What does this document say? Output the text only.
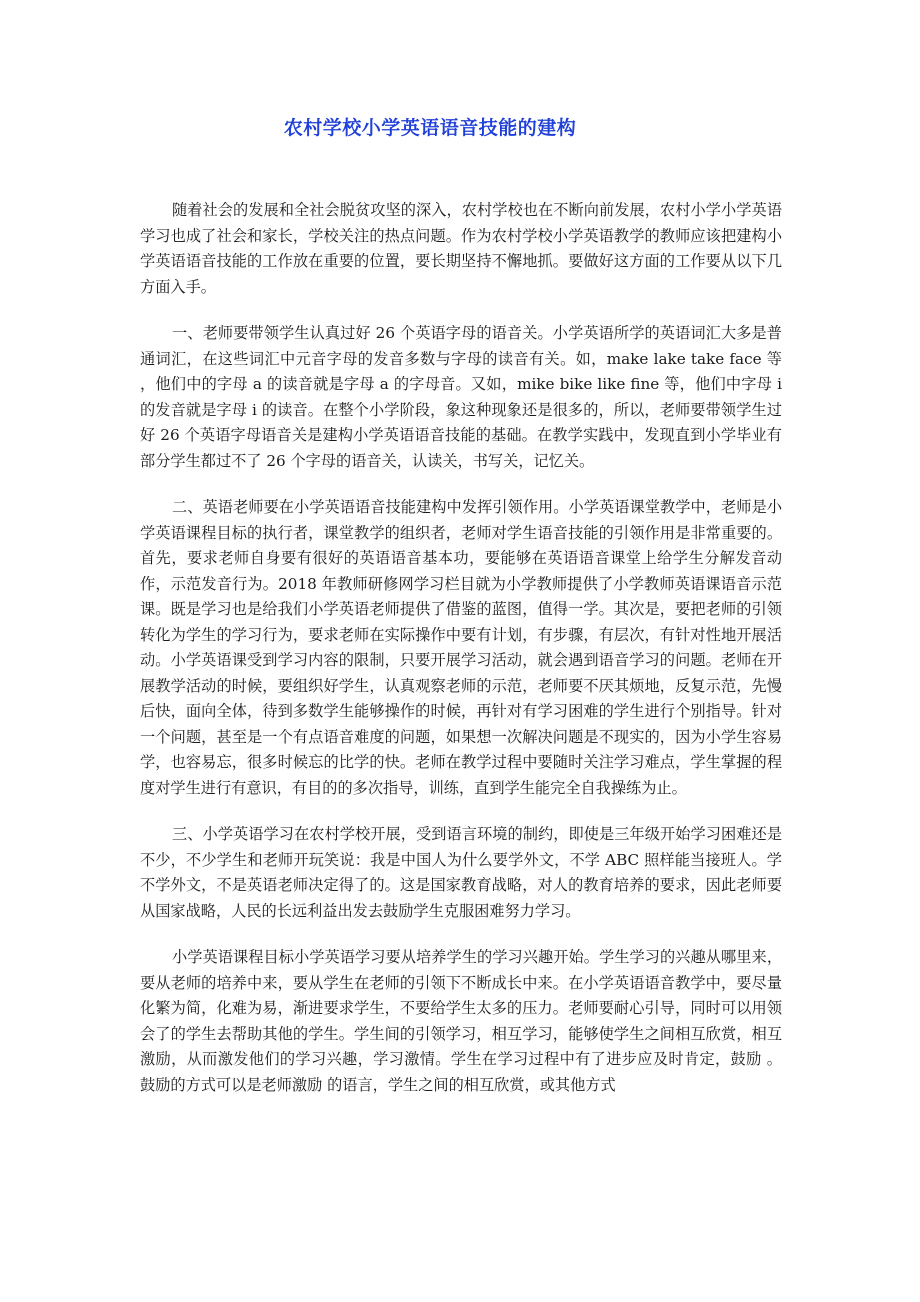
农村学校小学英语语音技能的建构

随着社会的发展和全社会脱贫攻坚的深入，农村学校也在不断向前发展，农村小学小学英语学习也成了社会和家长，学校关注的热点问题。作为农村学校小学英语教学的教师应该把建构小学英语语音技能的工作放在重要的位置，要长期坚持不懈地抓。要做好这方面的工作要从以下几方面入手。

一、老师要带领学生认真过好 26 个英语字母的语音关。小学英语所学的英语词汇大多是普通词汇，在这些词汇中元音字母的发音多数与字母的读音有关。如，make lake take face 等 ，他们中的字母 a 的读音就是字母 a 的字母音。又如，mike bike like fine 等，他们中字母 i 的发音就是字母 i 的读音。在整个小学阶段，象这种现象还是很多的，所以，老师要带领学生过好 26 个英语字母语音关是建构小学英语语音技能的基础。在教学实践中，发现直到小学毕业有部分学生都过不了 26 个字母的语音关，认读关，书写关，记忆关。

二、英语老师要在小学英语语音技能建构中发挥引领作用。小学英语课堂教学中，老师是小学英语课程目标的执行者，课堂教学的组织者，老师对学生语音技能的引领作用是非常重要的。首先，要求老师自身要有很好的英语语音基本功，要能够在英语语音课堂上给学生分解发音动作，示范发音行为。2018 年教师研修网学习栏目就为小学教师提供了小学教师英语课语音示范课。既是学习也是给我们小学英语老师提供了借鉴的蓝图，值得一学。其次是，要把老师的引领转化为学生的学习行为，要求老师在实际操作中要有计划，有步骤，有层次，有针对性地开展活动。小学英语课受到学习内容的限制，只要开展学习活动，就会遇到语音学习的问题。老师在开展教学活动的时候，要组织好学生，认真观察老师的示范，老师要不厌其烦地，反复示范，先慢后快，面向全体，待到多数学生能够操作的时候，再针对有学习困难的学生进行个别指导。针对一个问题，甚至是一个有点语音难度的问题，如果想一次解决问题是不现实的，因为小学生容易学，也容易忘，很多时候忘的比学的快。老师在教学过程中要随时关注学习难点，学生掌握的程度对学生进行有意识，有目的的多次指导，训练，直到学生能完全自我操练为止。

三、小学英语学习在农村学校开展，受到语言环境的制约，即使是三年级开始学习困难还是不少，不少学生和老师开玩笑说：我是中国人为什么要学外文，不学 ABC 照样能当接班人。学不学外文，不是英语老师决定得了的。这是国家教育战略，对人的教育培养的要求，因此老师要从国家战略，人民的长远利益出发去鼓励学生克服困难努力学习。

小学英语课程目标小学英语学习要从培养学生的学习兴趣开始。学生学习的兴趣从哪里来，要从老师的培养中来，要从学生在老师的引领下不断成长中来。在小学英语语音教学中，要尽量化繁为简，化难为易，渐进要求学生，不要给学生太多的压力。老师要耐心引导，同时可以用领会了的学生去帮助其他的学生。学生间的引领学习，相互学习，能够使学生之间相互欣赏，相互激励，从而激发他们的学习兴趣，学习激情。学生在学习过程中有了进步应及时肯定，鼓励 。鼓励的方式可以是老师激励 的语言，学生之间的相互欣赏，或其他方式
